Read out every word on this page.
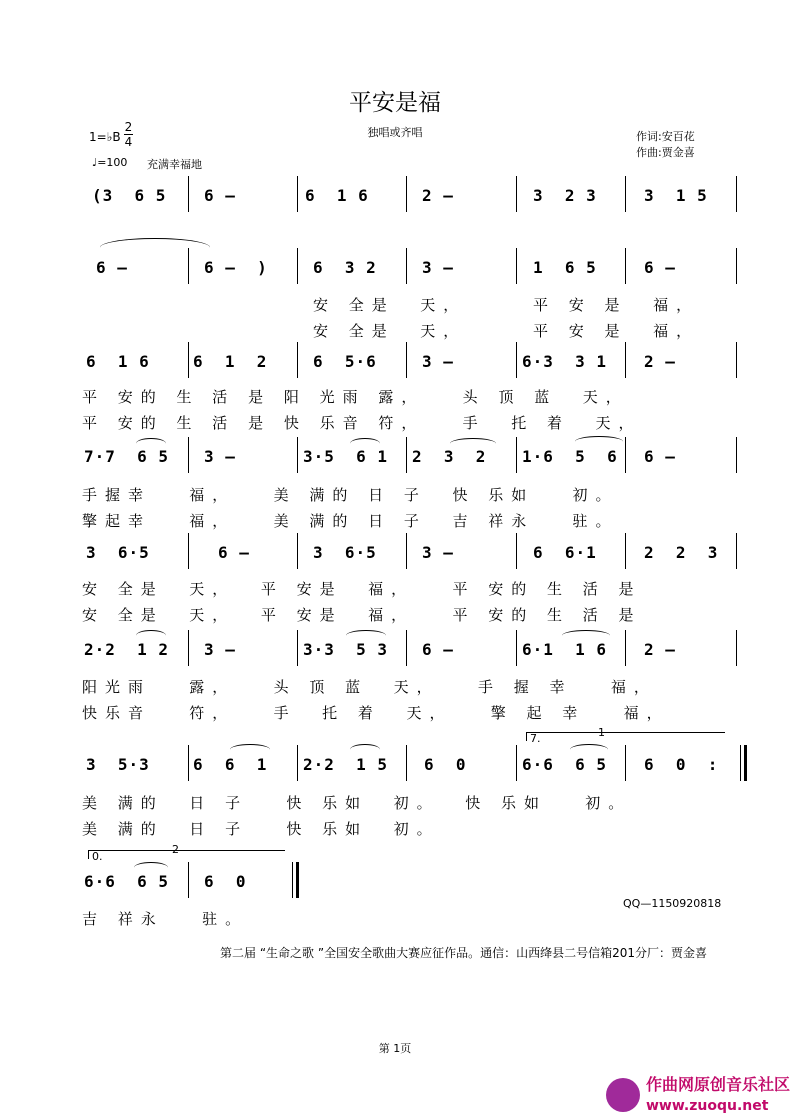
平安是福
独唱或齐唱	作词:安百花
作曲:贾金喜
1=♭B
2
4
♩=100 充满幸福地
(3  6 5 6 –	6  1 6	2 –	3  2 3	3  1 5
6 –	6 –  )	6  3 2	3 –	1  6 5	6 –
安 全是  天，	平 安 是  福，
安 全是  天，	平 安 是  福，
6  1 6	6  1  2	6  5·6	3 –	6·3  3 1 2 –
平 安的 生 活 是 阳 光雨 露，   头 顶 蓝  天，
平 安的 生 活 是 快 乐音 符，   手  托 着  天，
7·7  6 5 3 –	3·5  6 1 2  3  2 1·6  5  6 6 –
手握幸   福，   美 满的 日 子  快 乐如   初。
擎起幸   福，   美 满的 日 子  吉 祥永   驻。
3  6·5	6 –	3  6·5	3 –	6  6·1	2  2  3
安 全是  天，  平 安是  福，   平 安的 生 活 是
安 全是  天，  平 安是  福，   平 安的 生 活 是
2·2  1 2 3 –	3·3  5 3 6 –	6·1  1 6 2 –
阳光雨   露，   头 顶 蓝  天，   手 握 幸   福，
快乐音   符，   手  托 着  天，   擎 起 幸   福，
7.	1
3  5·3	6  6  1 2·2  1 5 6  0	6·6  6 5 6  0  :
美 满的  日 子   快 乐如  初。  快 乐如   初。
美 满的  日 子   快 乐如  初。
0.
2
6·6  6 5 6  0
吉 祥永   驻。
QQ—1150920818
第二届 “生命之歌 ”全国安全歌曲大赛应征作品。通信：山西绛县二号信箱201分厂：贾金喜
第 1页
作曲网原创音乐社区
www.zuoqu.net
